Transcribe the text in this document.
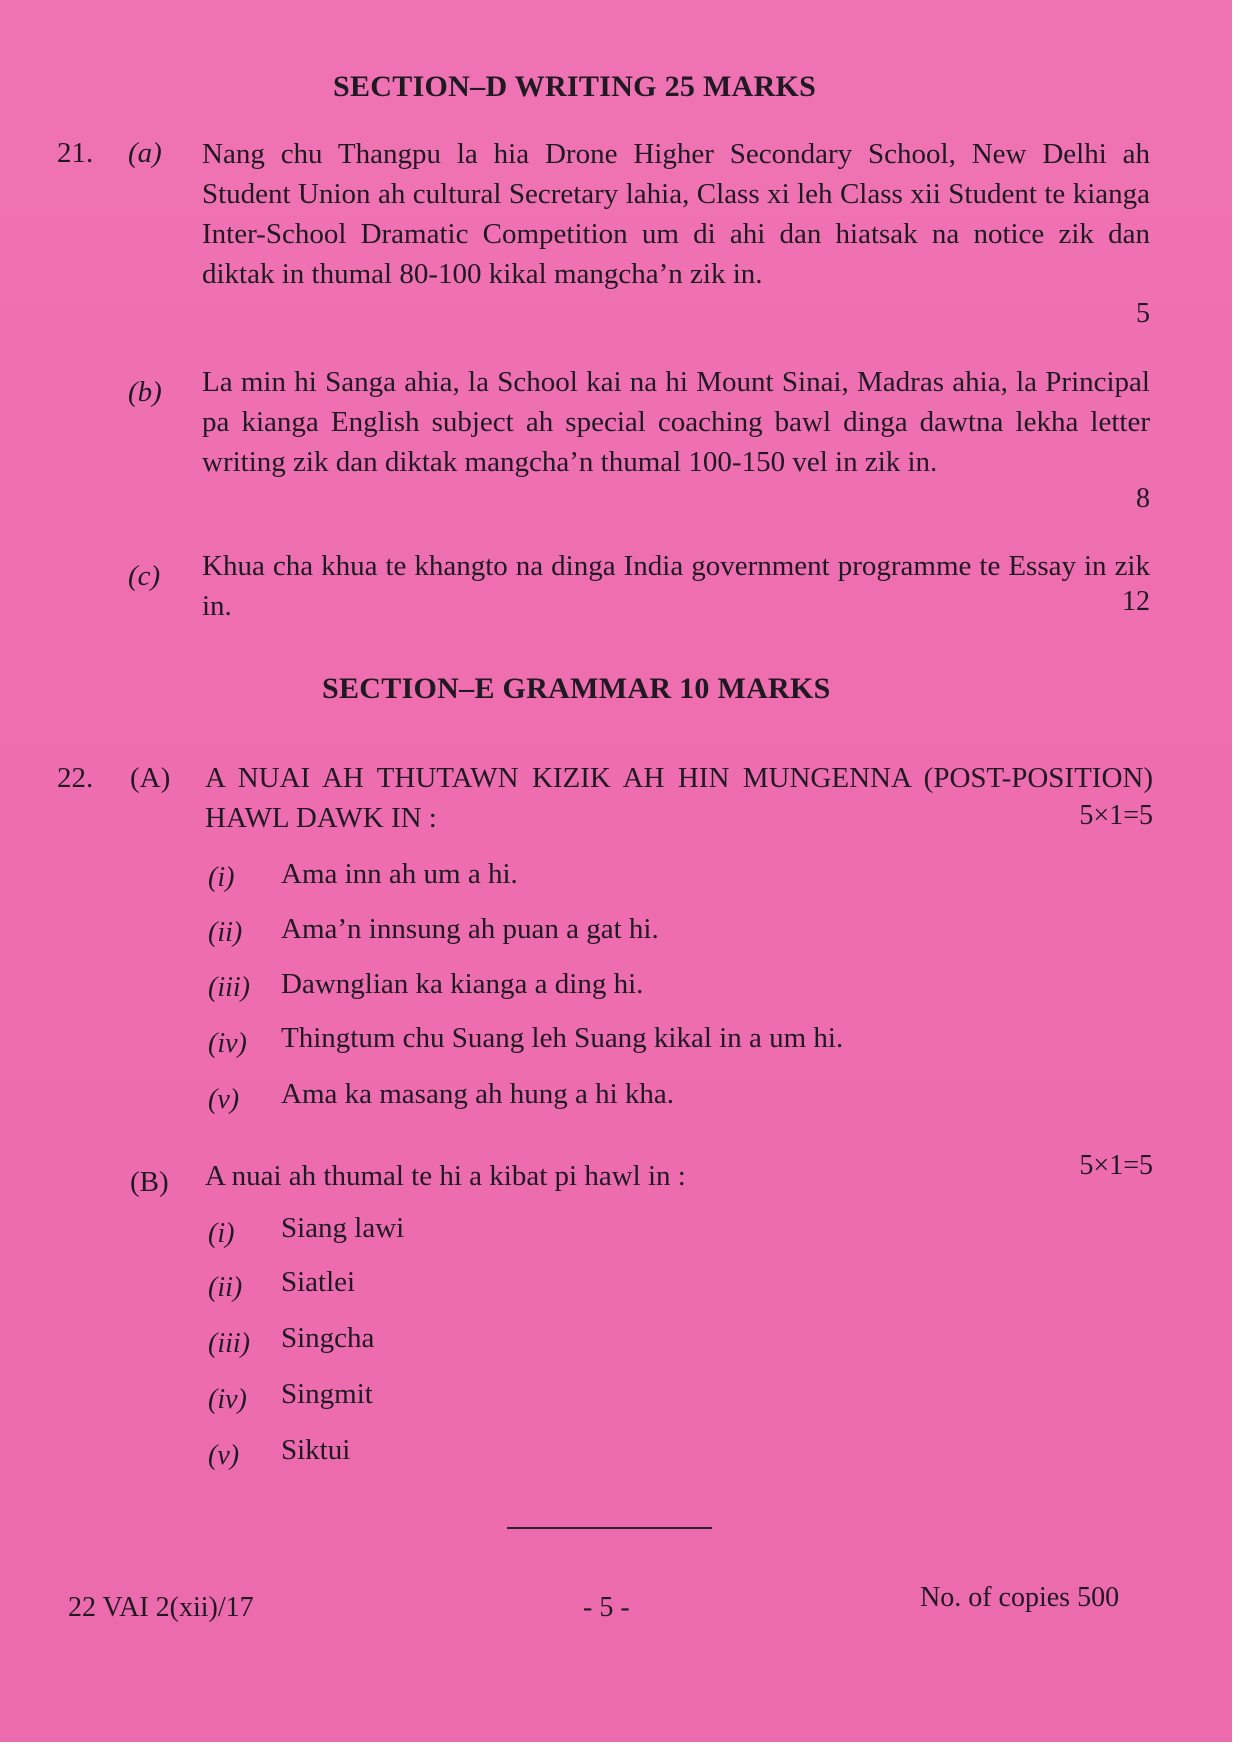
SECTION–D WRITING 25 MARKS
21.	(a)	Nang chu Thangpu la hia Drone Higher Secondary School, New Delhi ah Student Union ah cultural Secretary lahia, Class xi leh Class xii Student te kianga Inter-School Dramatic Competition um di ahi dan hiatsak na notice zik dan diktak in thumal 80-100 kikal mangcha’n zik in.
5
(b)	La min hi Sanga ahia, la School kai na hi Mount Sinai, Madras ahia, la Principal pa kianga English subject ah special coaching bawl dinga dawtna lekha letter writing zik dan diktak mangcha’n thumal 100-150 vel in zik in.
8
(c)	Khua cha khua te khangto na dinga India government programme te Essay in zik in.	12
SECTION–E GRAMMAR 10 MARKS
22.	(A)	A NUAI AH THUTAWN KIZIK AH HIN MUNGENNA (POST-POSITION) HAWL DAWK IN :	5×1=5
(i)	Ama inn ah um a hi.
(ii)	Ama’n innsung ah puan a gat hi.
(iii)	Dawnglian ka kianga a ding hi.
(iv)	Thingtum chu Suang leh Suang kikal in a um hi.
(v)	Ama ka masang ah hung a hi kha.
(B)	A nuai ah thumal te hi a kibat pi hawl in :	5×1=5
(i)	Siang lawi
(ii)	Siatlei
(iii)	Singcha
(iv)	Singmit
(v)	Siktui
22 VAI 2(xii)/17	- 5 -	No. of copies 500
